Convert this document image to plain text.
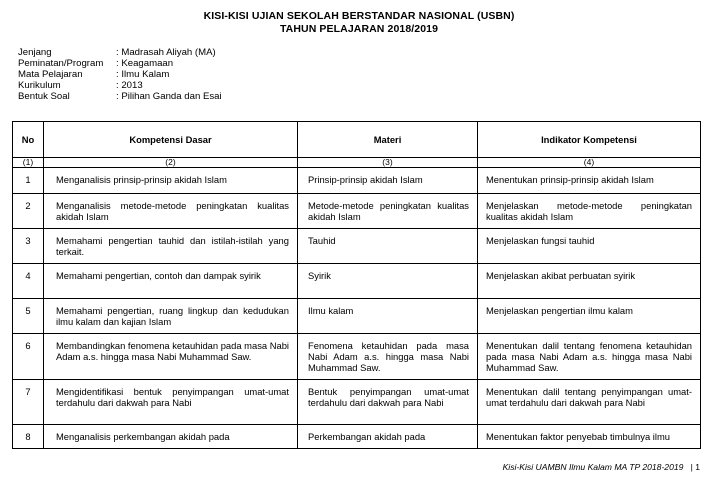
KISI-KISI UJIAN SEKOLAH BERSTANDAR NASIONAL (USBN)
TAHUN PELAJARAN 2018/2019
Jenjang	: Madrasah Aliyah (MA)
Peminatan/Program	: Keagamaan
Mata Pelajaran	: Ilmu Kalam
Kurikulum	: 2013
Bentuk Soal	: Pilihan Ganda dan Esai
No	Kompetensi Dasar	Materi	Indikator Kompetensi
(1)	(2)	(3)	(4)
1	Menganalisis prinsip-prinsip akidah Islam	Prinsip-prinsip akidah Islam	Menentukan prinsip-prinsip akidah Islam
2	Menganalisis metode-metode peningkatan kualitas akidah Islam	Metode-metode peningkatan kualitas akidah Islam	Menjelaskan metode-metode peningkatan kualitas akidah Islam
3	Memahami pengertian tauhid dan istilah-istilah yang terkait.	Tauhid	Menjelaskan fungsi tauhid
4	Memahami pengertian, contoh dan dampak syirik	Syirik	Menjelaskan akibat perbuatan syirik
5	Memahami pengertian, ruang lingkup dan kedudukan ilmu kalam dan kajian Islam	Ilmu kalam	Menjelaskan pengertian ilmu kalam
6	Membandingkan fenomena ketauhidan pada masa Nabi Adam a.s. hingga masa Nabi Muhammad Saw.	Fenomena ketauhidan pada masa Nabi Adam a.s. hingga masa Nabi Muhammad Saw.	Menentukan dalil tentang fenomena ketauhidan pada masa Nabi Adam a.s. hingga masa Nabi Muhammad Saw.
7	Mengidentifikasi bentuk penyimpangan umat-umat terdahulu dari dakwah para Nabi	Bentuk penyimpangan umat-umat terdahulu dari dakwah para Nabi	Menentukan dalil tentang penyimpangan umat-umat terdahulu dari dakwah para Nabi
8	Menganalisis perkembangan akidah pada	Perkembangan akidah pada	Menentukan faktor penyebab timbulnya ilmu
Kisi-Kisi UAMBN Ilmu Kalam MA TP 2018-2019 | 1
